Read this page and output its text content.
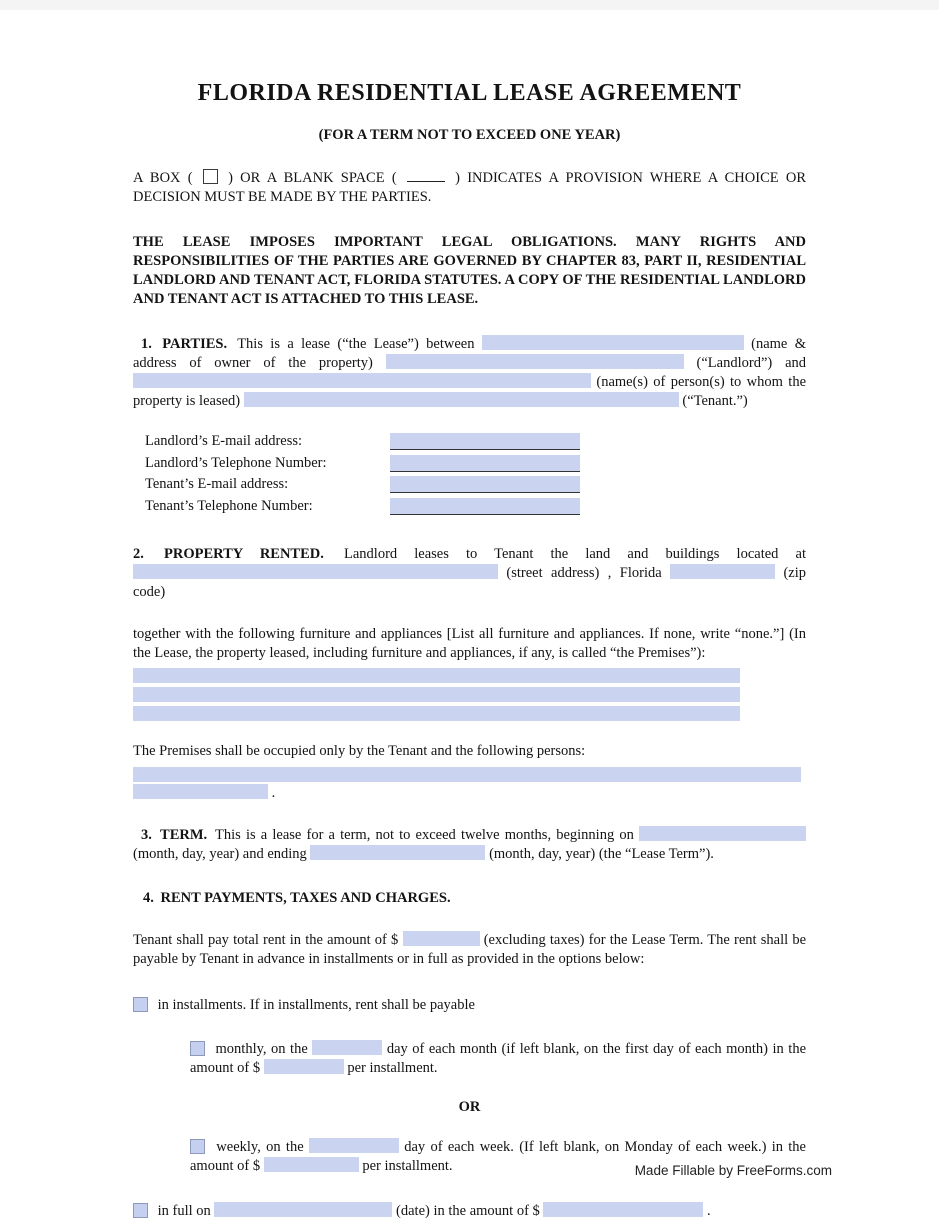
FLORIDA RESIDENTIAL LEASE AGREEMENT
(FOR A TERM NOT TO EXCEED ONE YEAR)

A BOX ( ) OR A BLANK SPACE (	) INDICATES A PROVISION WHERE A CHOICE OR DECISION MUST BE MADE BY THE PARTIES.

THE LEASE IMPOSES IMPORTANT LEGAL OBLIGATIONS. MANY RIGHTS AND RESPONSIBILITIES OF THE PARTIES ARE GOVERNED BY CHAPTER 83, PART II, RESIDENTIAL LANDLORD AND TENANT ACT, FLORIDA STATUTES. A COPY OF THE RESIDENTIAL LANDLORD AND TENANT ACT IS ATTACHED TO THIS LEASE.

1. PARTIES. This is a lease (“the Lease”) between	(name & address of owner of the property)	(“Landlord”) and  (name(s) of person(s) to whom the property is leased)	(“Tenant.”)

Landlord’s E-mail address:
Landlord’s Telephone Number:
Tenant’s E-mail address:
Tenant’s Telephone Number:

2. PROPERTY RENTED. Landlord leases to Tenant the land and buildings located at  (street address) , Florida	(zip code)

together with the following furniture and appliances [List all furniture and appliances. If none, write “none.”] (In the Lease, the property leased, including furniture and appliances, if any, is called “the Premises”):

The Premises shall be occupied only by the Tenant and the following persons:

.

3. TERM. This is a lease for a term, not to exceed twelve months, beginning on  (month, day, year) and ending	(month, day, year) (the “Lease Term”).

4. RENT PAYMENTS, TAXES AND CHARGES.

Tenant shall pay total rent in the amount of $	(excluding taxes) for the Lease Term. The rent shall be payable by Tenant in advance in installments or in full as provided in the options below:

in installments. If in installments, rent shall be payable
monthly, on the	day of each month (if left blank, on the first day of each month) in the amount of $	per installment.

OR

weekly, on the	day of each week. (If left blank, on Monday of each week.) in the amount of $	per installment.
in full on	(date) in the amount of $	.
Made Fillable by FreeForms.com
